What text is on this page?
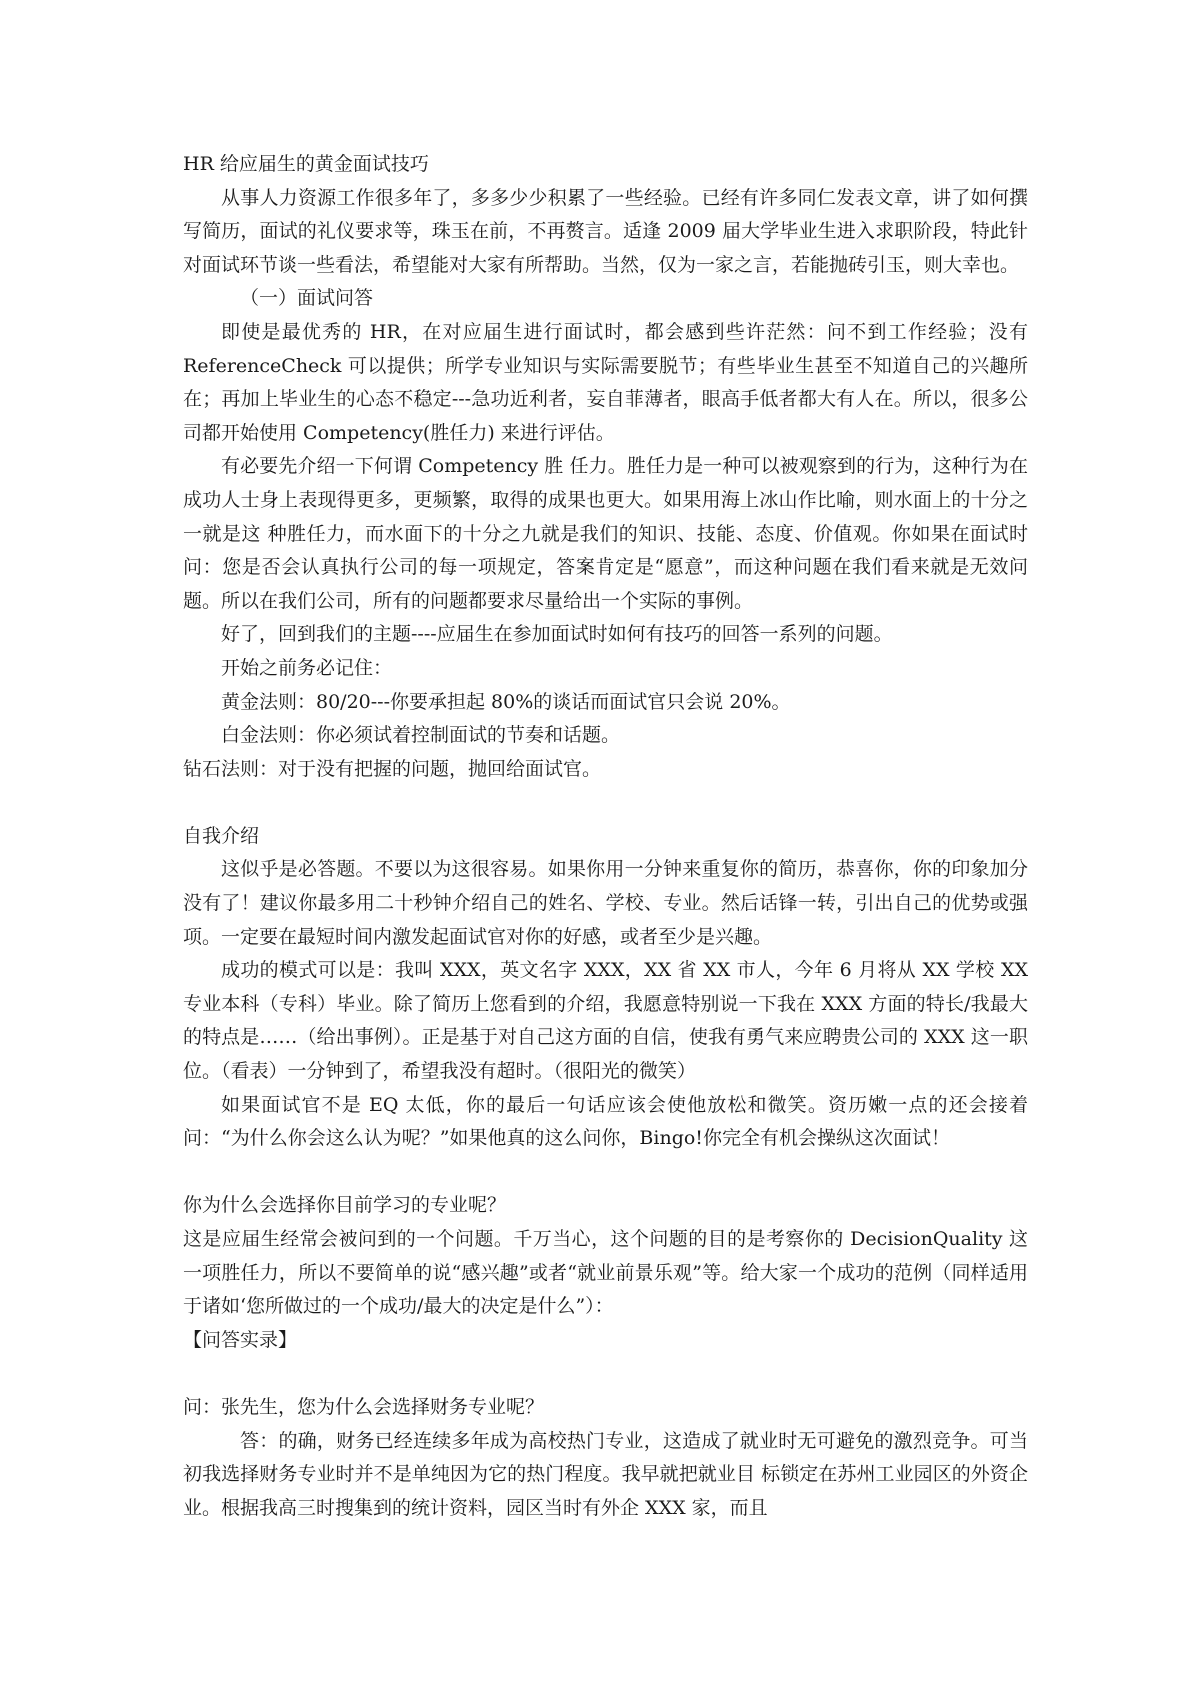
HR 给应届生的黄金面试技巧

从事人力资源工作很多年了，多多少少积累了一些经验。已经有许多同仁发表文章，讲了如何撰写简历，面试的礼仪要求等，珠玉在前，不再赘言。适逢 2009 届大学毕业生进入求职阶段，特此针对面试环节谈一些看法，希望能对大家有所帮助。当然，仅为一家之言，若能抛砖引玉，则大幸也。

（一）面试问答

即使是最优秀的 HR，在对应届生进行面试时，都会感到些许茫然：问不到工作经验；没有 ReferenceCheck 可以提供；所学专业知识与实际需要脱节；有些毕业生甚至不知道自己的兴趣所在；再加上毕业生的心态不稳定---急功近利者，妄自菲薄者，眼高手低者都大有人在。所以，很多公司都开始使用 Competency(胜任力) 来进行评估。

有必要先介绍一下何谓 Competency 胜 任力。胜任力是一种可以被观察到的行为，这种行为在成功人士身上表现得更多，更频繁，取得的成果也更大。如果用海上冰山作比喻，则水面上的十分之一就是这 种胜任力，而水面下的十分之九就是我们的知识、技能、态度、价值观。你如果在面试时问：您是否会认真执行公司的每一项规定，答案肯定是“愿意”，而这种问题在我们看来就是无效问题。所以在我们公司，所有的问题都要求尽量给出一个实际的事例。

好了，回到我们的主题----应届生在参加面试时如何有技巧的回答一系列的问题。

开始之前务必记住：

黄金法则：80/20---你要承担起 80%的谈话而面试官只会说 20%。

白金法则：你必须试着控制面试的节奏和话题。

钻石法则：对于没有把握的问题，抛回给面试官。

自我介绍

这似乎是必答题。不要以为这很容易。如果你用一分钟来重复你的简历，恭喜你，你的印象加分没有了！建议你最多用二十秒钟介绍自己的姓名、学校、专业。然后话锋一转，引出自己的优势或强项。一定要在最短时间内激发起面试官对你的好感，或者至少是兴趣。

成功的模式可以是：我叫 XXX，英文名字 XXX，XX 省 XX 市人，今年 6 月将从 XX 学校 XX 专业本科（专科）毕业。除了简历上您看到的介绍，我愿意特别说一下我在 XXX 方面的特长/我最大的特点是……（给出事例）。正是基于对自己这方面的自信，使我有勇气来应聘贵公司的 XXX 这一职位。（看表）一分钟到了，希望我没有超时。（很阳光的微笑）

如果面试官不是 EQ 太低，你的最后一句话应该会使他放松和微笑。资历嫩一点的还会接着问：“为什么你会这么认为呢？”如果他真的这么问你，Bingo!你完全有机会操纵这次面试！

你为什么会选择你目前学习的专业呢？

这是应届生经常会被问到的一个问题。千万当心，这个问题的目的是考察你的 DecisionQuality 这一项胜任力，所以不要简单的说“感兴趣”或者“就业前景乐观”等。给大家一个成功的范例（同样适用于诸如‘您所做过的一个成功/最大的决定是什么”）：

【问答实录】

问：张先生，您为什么会选择财务专业呢？

答：的确，财务已经连续多年成为高校热门专业，这造成了就业时无可避免的激烈竞争。可当初我选择财务专业时并不是单纯因为它的热门程度。我早就把就业目 标锁定在苏州工业园区的外资企业。根据我高三时搜集到的统计资料，园区当时有外企 XXX 家，而且
